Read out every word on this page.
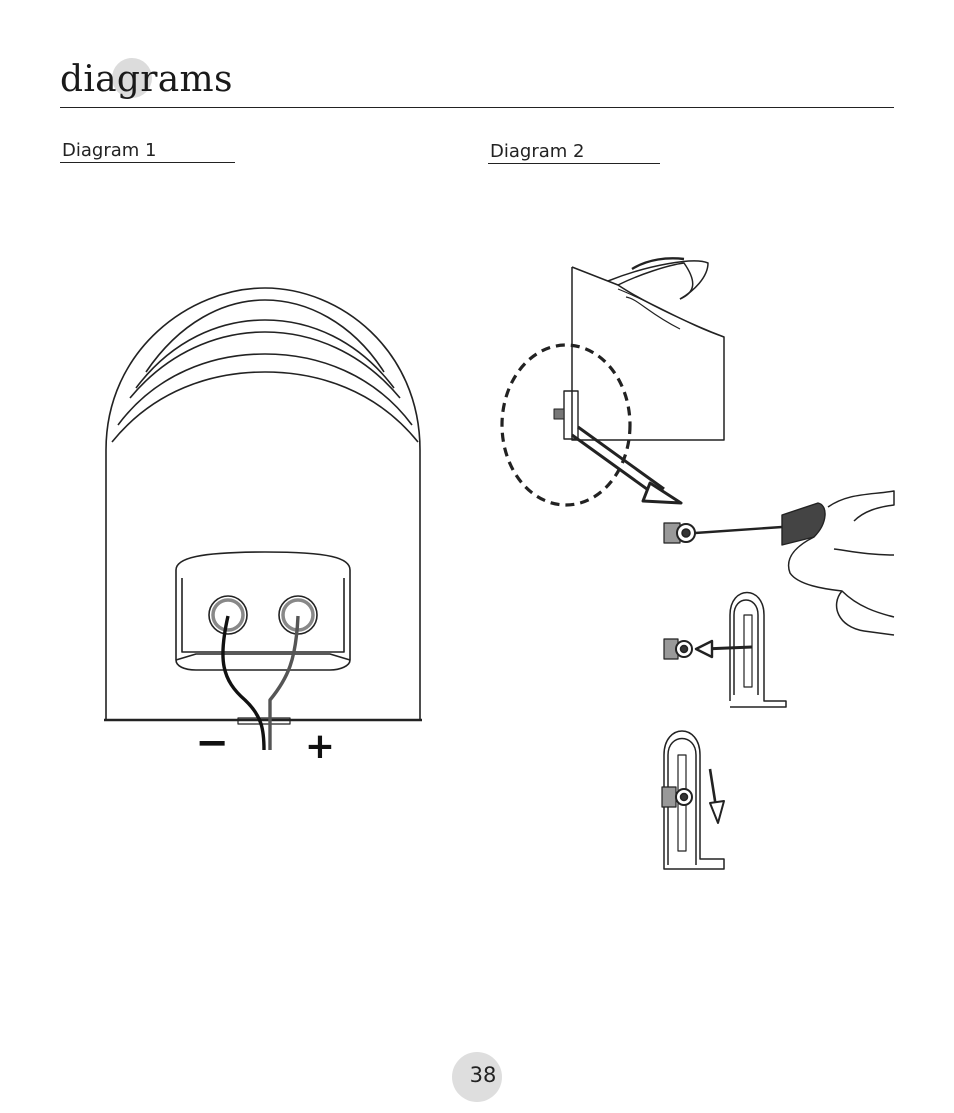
diagrams
Diagram 1	Diagram 2
− +
38
